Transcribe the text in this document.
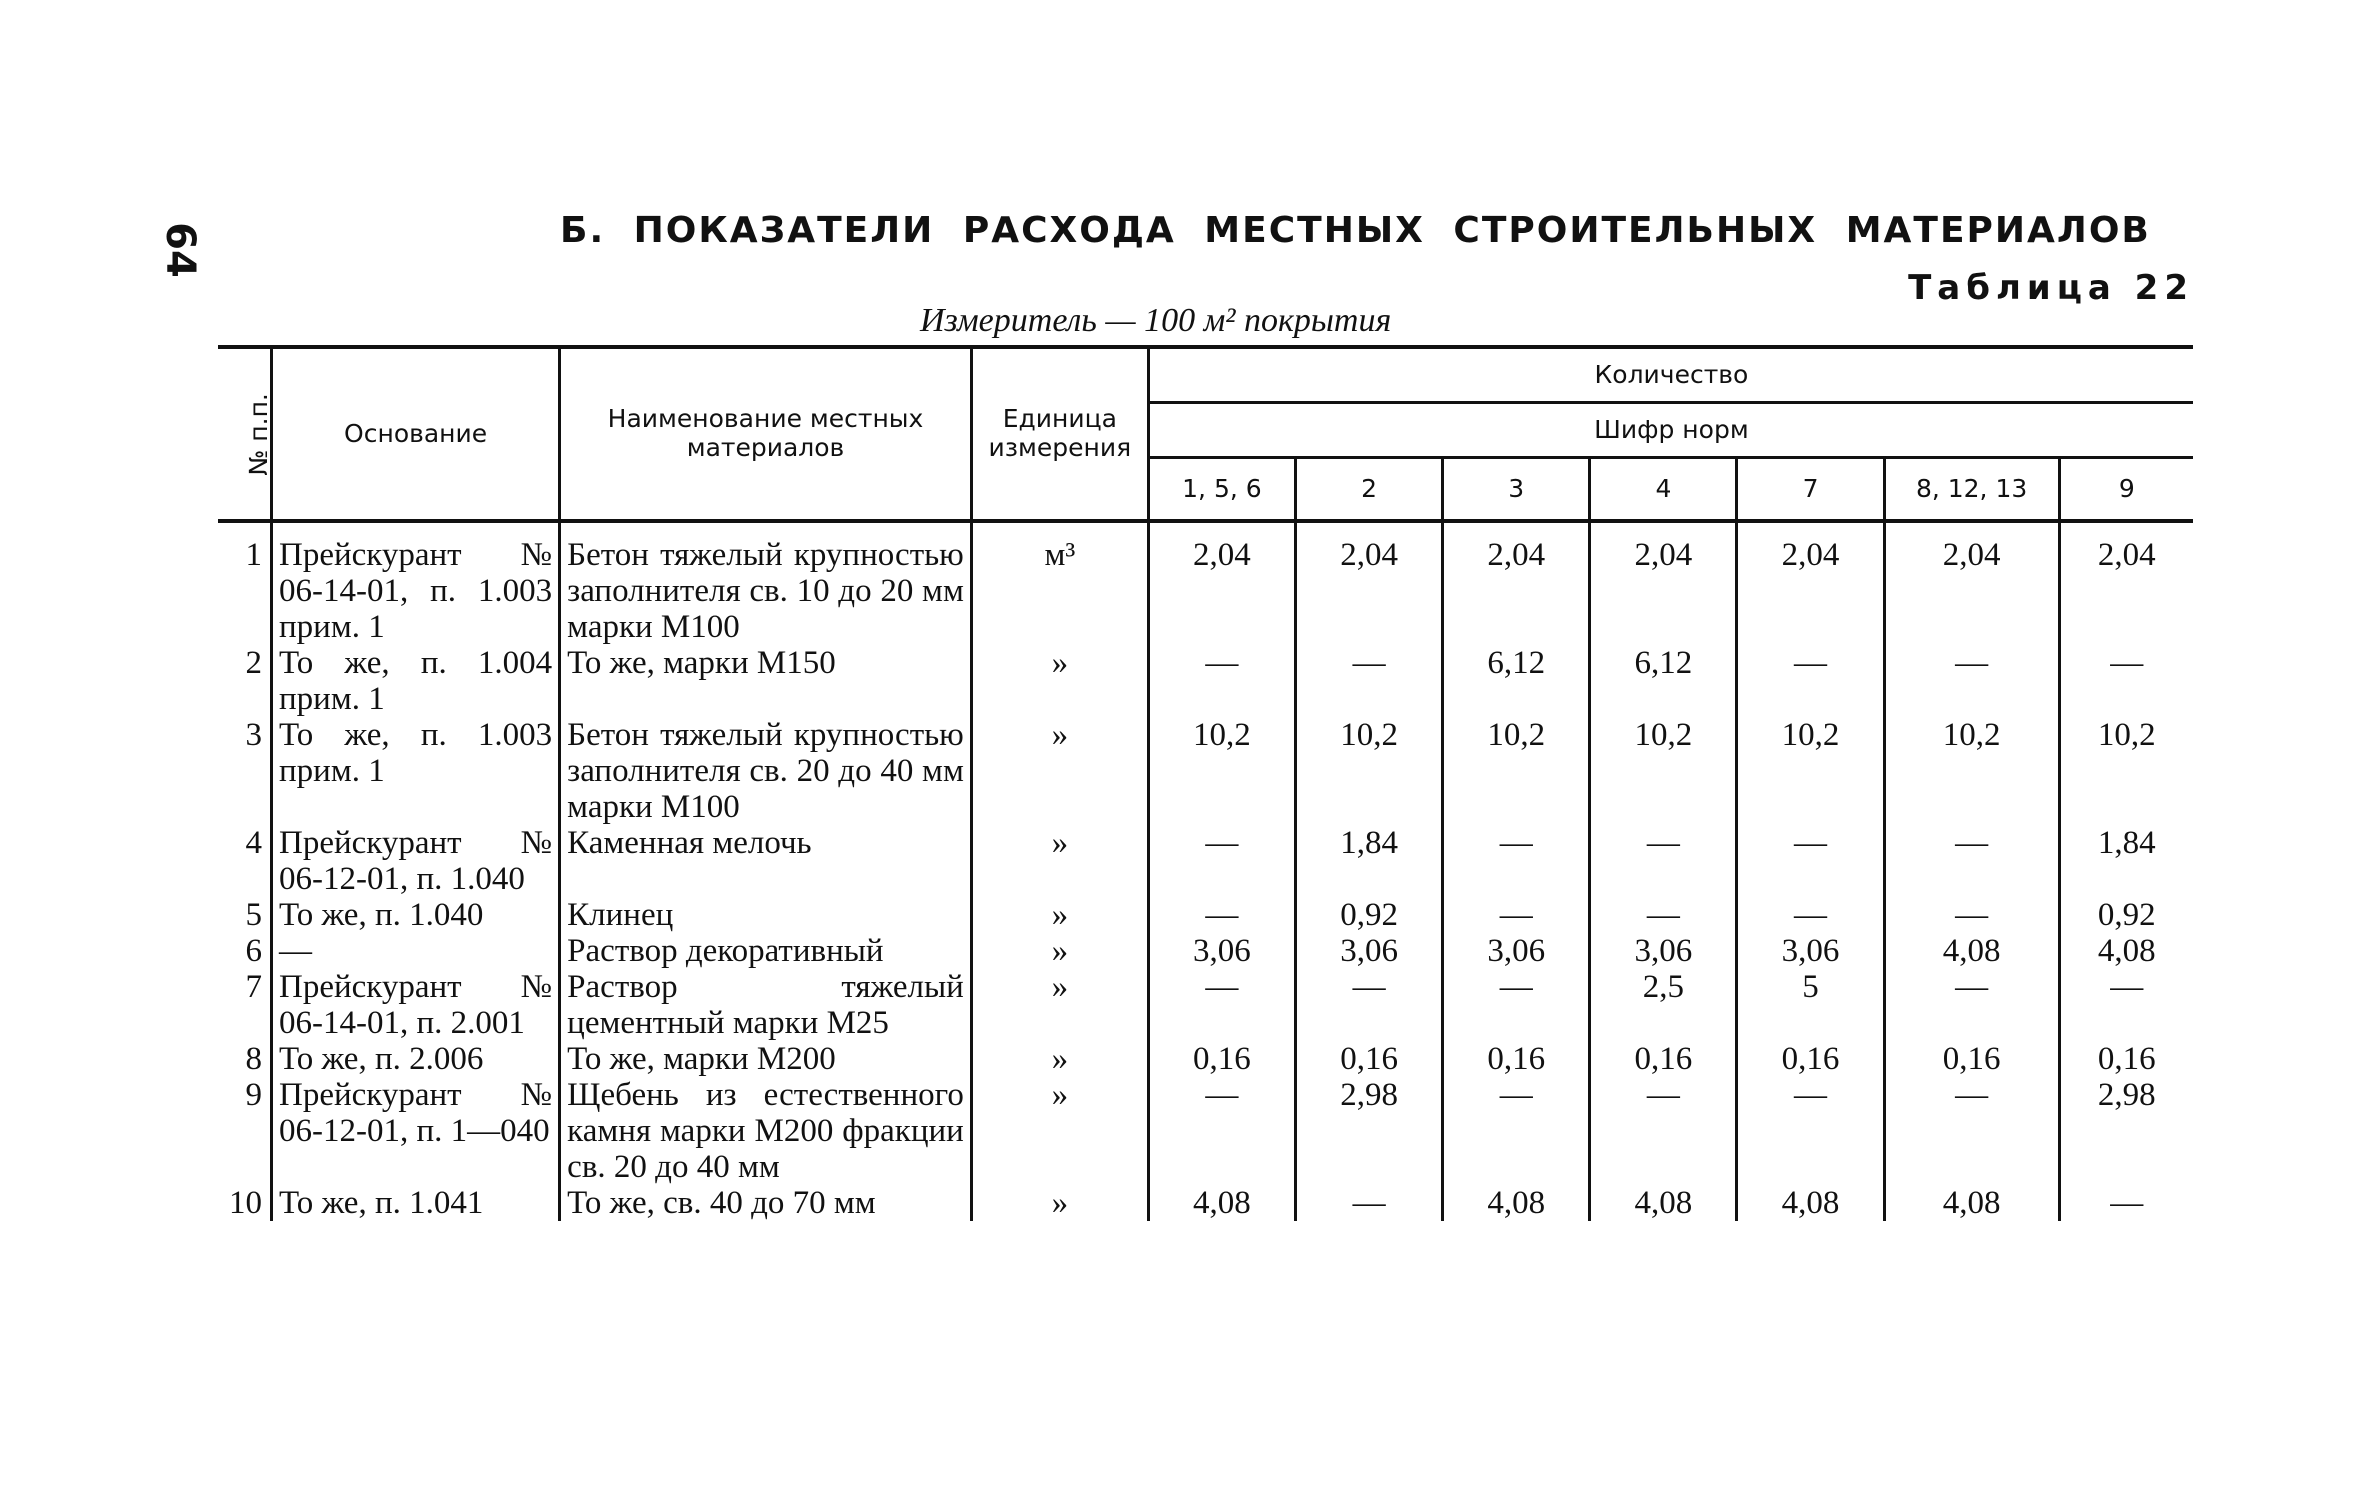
64	Б. ПОКАЗАТЕЛИ РАСХОДА МЕСТНЫХ СТРОИТЕЛЬНЫХ МАТЕРИАЛОВ
Таблица 22
Измеритель — 100 м² покрытия
№ п.п.	Основание	Наименование местных материалов	Единица измерения	Количество						
				Шифр норм						
				1, 5, 6	2	3	4	7	8, 12, 13	9
1	Прейскурант № 06-14-01, п. 1.003 прим. 1	Бетон тяжелый крупностью заполнителя св. 10 до 20 мм марки М100	м³	2,04	2,04	2,04	2,04	2,04	2,04	2,04
2	То же, п. 1.004 прим. 1	То же, марки М150	»	—	—	6,12	6,12	—	—	—
3	То же, п. 1.003 прим. 1	Бетон тяжелый крупностью заполнителя св. 20 до 40 мм марки М100	»	10,2	10,2	10,2	10,2	10,2	10,2	10,2
4	Прейскурант № 06-12-01, п. 1.040	Каменная мелочь	»	—	1,84	—	—	—	—	1,84
5	То же, п. 1.040	Клинец	»	—	0,92	—	—	—	—	0,92
6	—	Раствор декоративный	»	3,06	3,06	3,06	3,06	3,06	4,08	4,08
7	Прейскурант № 06-14-01, п. 2.001	Раствор тяжелый цементный марки М25	»	—	—	—	2,5	5	—	—
8	То же, п. 2.006	То же, марки М200	»	0,16	0,16	0,16	0,16	0,16	0,16	0,16
9	Прейскурант № 06-12-01, п. 1—040	Щебень из естественного камня марки М200 фракции св. 20 до 40 мм	»	—	2,98	—	—	—	—	2,98
10	То же, п. 1.041	То же, св. 40 до 70 мм	»	4,08	—	4,08	4,08	4,08	4,08	—
